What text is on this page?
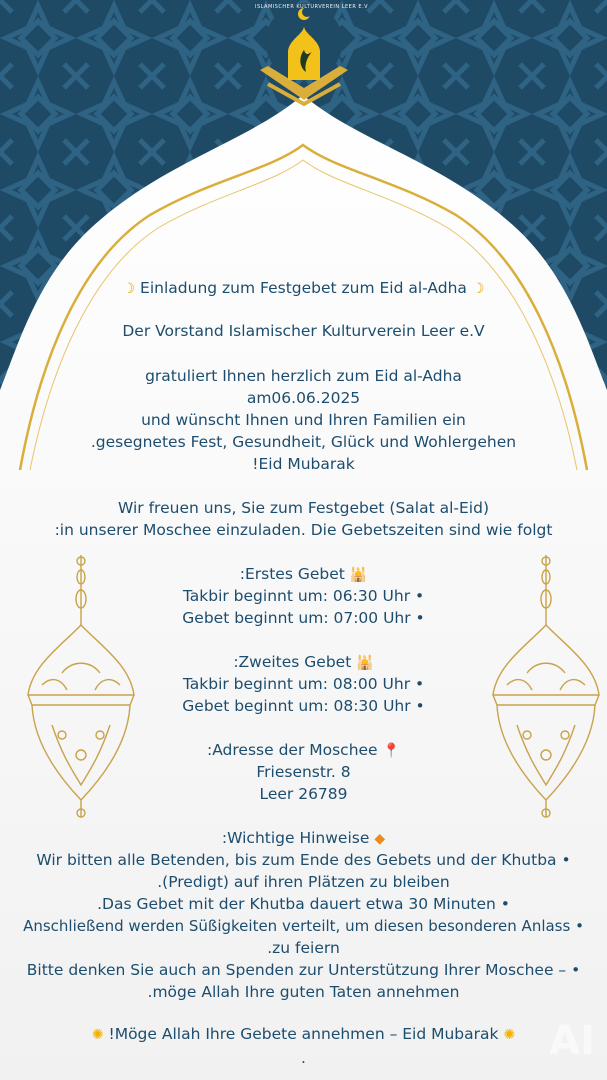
ISLAMISCHER KULTURVEREIN LEER E.V
☽ Einladung zum Festgebet zum Eid al-Adha ☽
Der Vorstand Islamischer Kulturverein Leer e.V
gratuliert Ihnen herzlich zum Eid al-Adha
am06.06.2025
und wünscht Ihnen und Ihren Familien ein
.gesegnetes Fest, Gesundheit, Glück und Wohlergehen
!Eid Mubarak
Wir freuen uns, Sie zum Festgebet (Salat al-Eid)
:in unserer Moschee einzuladen. Die Gebetszeiten sind wie folgt
:Erstes Gebet 🕌
Takbir beginnt um: 06:30 Uhr •
Gebet beginnt um: 07:00 Uhr •
:Zweites Gebet 🕌
Takbir beginnt um: 08:00 Uhr •
Gebet beginnt um: 08:30 Uhr •
:Adresse der Moschee 📍
Friesenstr. 8
Leer 26789
:Wichtige Hinweise ◆
Wir bitten alle Betenden, bis zum Ende des Gebets und der Khutba •
.(Predigt) auf ihren Plätzen zu bleiben
.Das Gebet mit der Khutba dauert etwa 30 Minuten •
Anschließend werden Süßigkeiten verteilt, um diesen besonderen Anlass •
.zu feiern
Bitte denken Sie auch an Spenden zur Unterstützung Ihrer Moschee – •
.möge Allah Ihre guten Taten annehmen
✺ !Möge Allah Ihre Gebete annehmen – Eid Mubarak ✺
.	AI
